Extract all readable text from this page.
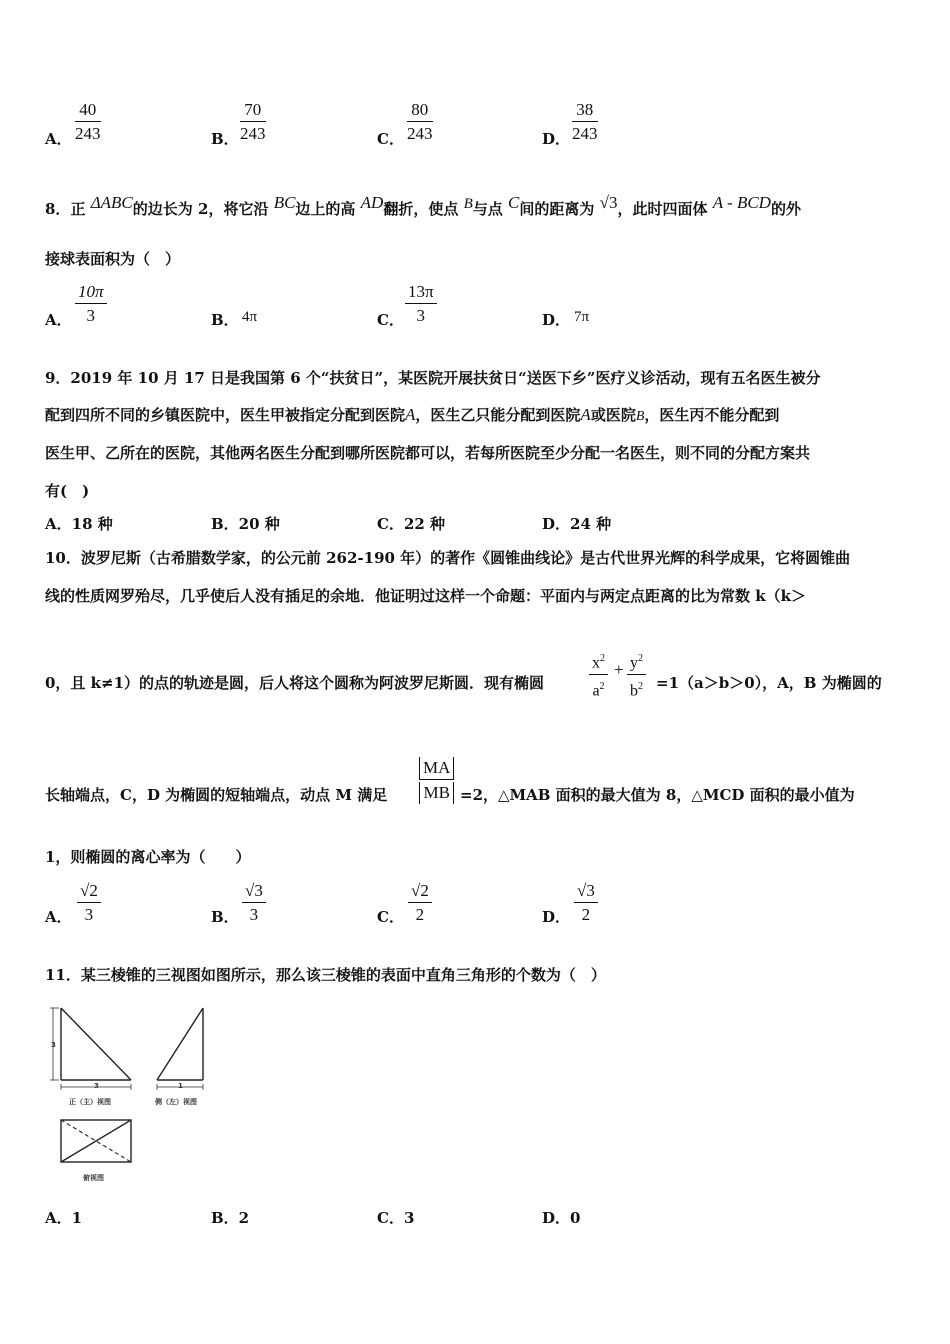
A． $\frac{40}{243}$	B． $\frac{70}{243}$	C． $\frac{80}{243}$	D． $\frac{38}{243}$
8．正 ΔABC的边长为 2，将它沿 BC边上的高 AD翻折，使点 B与点 C间的距离为 √3，此时四面体 A - BCD的外
接球表面积为（　）
A． $\frac{10\pi}{3}$	B． 4π	C． $\frac{13\pi}{3}$	D． 7π
9．2019 年 10 月 17 日是我国第 6 个“扶贫日”，某医院开展扶贫日“送医下乡”医疗义诊活动，现有五名医生被分
配到四所不同的乡镇医院中，医生甲被指定分配到医院A，医生乙只能分配到医院A或医院B，医生丙不能分配到
医生甲、乙所在的医院，其他两名医生分配到哪所医院都可以，若每所医院至少分配一名医生，则不同的分配方案共
有(　)
A．18 种	B．20 种	C．22 种	D．24 种
10．波罗尼斯（古希腊数学家，的公元前 262-190 年）的著作《圆锥曲线论》是古代世界光辉的科学成果，它将圆锥曲
线的性质网罗殆尽，几乎使后人没有插足的余地．他证明过这样一个命题：平面内与两定点距离的比为常数 k（k＞
0，且 k≠1）的点的轨迹是圆，后人将这个圆称为阿波罗尼斯圆．现有椭圆	$\frac{x^2}{a^2} + \frac{y^2}{b^2} =1(a>b>0)$，A，B 为椭圆的
长轴端点，C，D 为椭圆的短轴端点，动点 M 满足 $\frac{MA}{MB} =2$，△MAB 面积的最大值为 8，△MCD 面积的最小值为
1，则椭圆的离心率为（　　）
A． $\frac{√2}{3}$	B． $\frac{√3}{3}$	C． $\frac{√2}{2}$	D． $\frac{√3}{2}$
11．某三棱锥的三视图如图所示，那么该三棱锥的表面中直角三角形的个数为（　）
3
3
正（主）视图
1
侧（左）视图
俯视图
A．1	B．2	C．3	D．0
